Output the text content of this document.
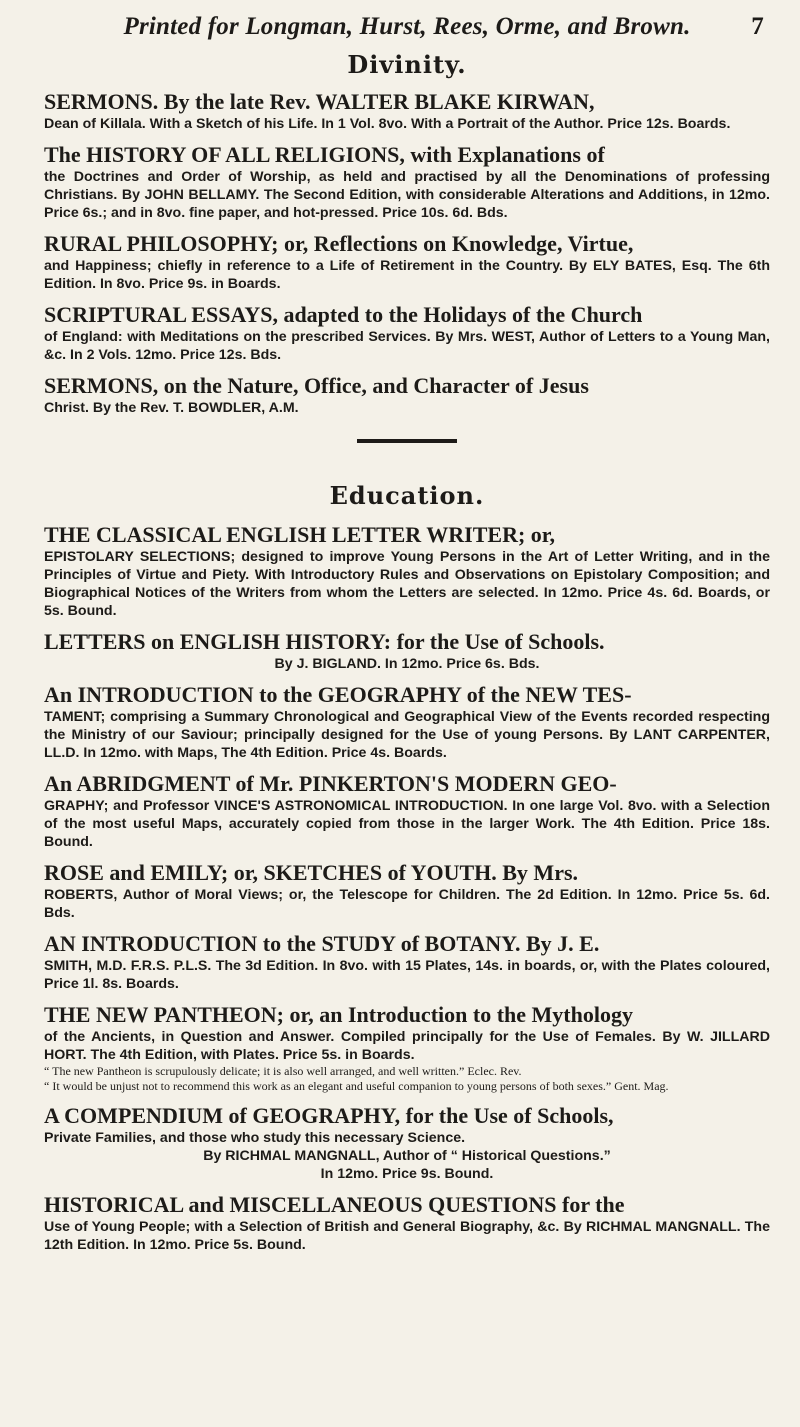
Printed for Longman, Hurst, Rees, Orme, and Brown. 7
Divinity.
SERMONS. By the late Rev. WALTER BLAKE KIRWAN,
Dean of Killala. With a Sketch of his Life. In 1 Vol. 8vo. With a Portrait of the Author. Price 12s. Boards.
The HISTORY OF ALL RELIGIONS, with Explanations of
the Doctrines and Order of Worship, as held and practised by all the Denominations of professing Christians. By JOHN BELLAMY. The Second Edition, with considerable Alterations and Additions, in 12mo. Price 6s.; and in 8vo. fine paper, and hot-pressed. Price 10s. 6d. Bds.
RURAL PHILOSOPHY; or, Reflections on Knowledge, Virtue,
and Happiness; chiefly in reference to a Life of Retirement in the Country. By ELY BATES, Esq. The 6th Edition. In 8vo. Price 9s. in Boards.
SCRIPTURAL ESSAYS, adapted to the Holidays of the Church
of England: with Meditations on the prescribed Services. By Mrs. WEST, Author of Letters to a Young Man, &c. In 2 Vols. 12mo. Price 12s. Bds.
SERMONS, on the Nature, Office, and Character of Jesus
Christ. By the Rev. T. BOWDLER, A.M.
Education.
THE CLASSICAL ENGLISH LETTER WRITER; or,
EPISTOLARY SELECTIONS; designed to improve Young Persons in the Art of Letter Writing, and in the Principles of Virtue and Piety. With Introductory Rules and Observations on Epistolary Composition; and Biographical Notices of the Writers from whom the Letters are selected. In 12mo. Price 4s. 6d. Boards, or 5s. Bound.
LETTERS on ENGLISH HISTORY: for the Use of Schools.
By J. BIGLAND. In 12mo. Price 6s. Bds.
An INTRODUCTION to the GEOGRAPHY of the NEW TES-
TAMENT; comprising a Summary Chronological and Geographical View of the Events recorded respecting the Ministry of our Saviour; principally designed for the Use of young Persons. By LANT CARPENTER, LL.D. In 12mo. with Maps, The 4th Edition. Price 4s. Boards.
An ABRIDGMENT of Mr. PINKERTON'S MODERN GEO-
GRAPHY; and Professor VINCE'S ASTRONOMICAL INTRODUCTION. In one large Vol. 8vo. with a Selection of the most useful Maps, accurately copied from those in the larger Work. The 4th Edition. Price 18s. Bound.
ROSE and EMILY; or, SKETCHES of YOUTH. By Mrs.
ROBERTS, Author of Moral Views; or, the Telescope for Children. The 2d Edition. In 12mo. Price 5s. 6d. Bds.
AN INTRODUCTION to the STUDY of BOTANY. By J. E.
SMITH, M.D. F.R.S. P.L.S. The 3d Edition. In 8vo. with 15 Plates, 14s. in boards, or, with the Plates coloured, Price 1l. 8s. Boards.
THE NEW PANTHEON; or, an Introduction to the Mythology
of the Ancients, in Question and Answer. Compiled principally for the Use of Females. By W. JILLARD HORT. The 4th Edition, with Plates. Price 5s. in Boards.
“ The new Pantheon is scrupulously delicate; it is also well arranged, and well written.” Eclec. Rev.
“ It would be unjust not to recommend this work as an elegant and useful companion to young persons of both sexes.” Gent. Mag.
A COMPENDIUM of GEOGRAPHY, for the Use of Schools,
Private Families, and those who study this necessary Science.
By RICHMAL MANGNALL, Author of “ Historical Questions.”
In 12mo. Price 9s. Bound.
HISTORICAL and MISCELLANEOUS QUESTIONS for the
Use of Young People; with a Selection of British and General Biography, &c. By RICHMAL MANGNALL. The 12th Edition. In 12mo. Price 5s. Bound.
